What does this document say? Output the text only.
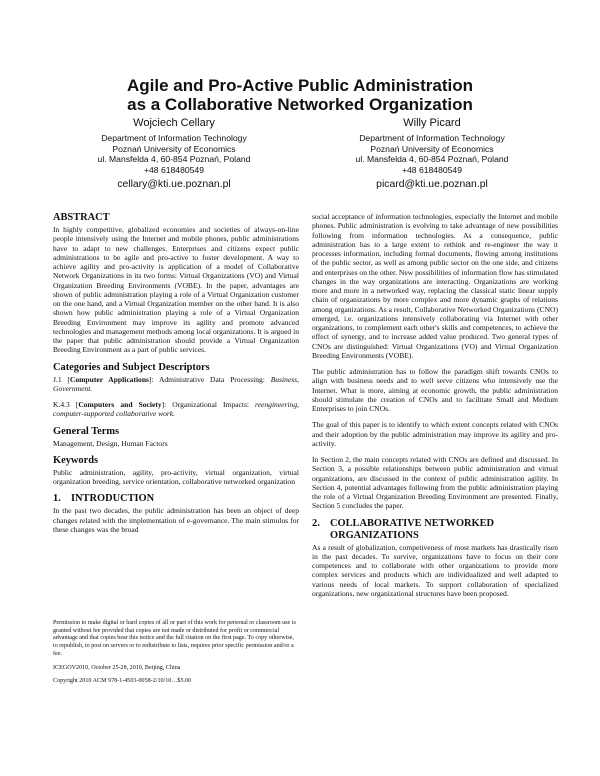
Agile and Pro-Active Public Administration
as a Collaborative Networked Organization
Wojciech Cellary
Department of Information Technology
Poznań University of Economics
ul. Mansfelda 4, 60-854 Poznań, Poland
+48 618480549
cellary@kti.ue.poznan.pl
Willy Picard
Department of Information Technology
Poznań University of Economics
ul. Mansfelda 4, 60-854 Poznań, Poland
+48 618480549
picard@kti.ue.poznan.pl
ABSTRACT

In highly competitive, globalized economies and societies of always-on-line people intensively using the Internet and mobile phones, public administrations have to adapt to new challenges. Enterprises and citizens expect public administrations to be agile and pro-active to foster development. A way to achieve agility and pro-activity is application of a model of Collaborative Network Organizations in its two forms: Virtual Organizations (VO) and Virtual Organization Breeding Environments (VOBE). In the paper, advantages are shown of public administration playing a role of a Virtual Organization customer on the one hand, and a Virtual Organization member on the other hand. It is also shown how public administration playing a role of a Virtual Organization Breeding Environment may improve its agility and promote advanced technologies and management methods among local organizations. It is argued in the paper that public administration should provide a Virtual Organization Breeding Environment as a part of public services.

Categories and Subject Descriptors

J.1 [Computer Applications]: Administrative Data Processing: Business, Government.

K.4.3 [Computers and Society]: Organizational Impacts: reengineering, computer-supported collaborative work.

General Terms

Management, Design, Human Factors

Keywords

Public administration, agility, pro-activity, virtual organization, virtual organization breeding, service orientation, collaborative networked organization

1. INTRODUCTION

In the past two decades, the public administration has been an object of deep changes related with the implementation of e-governance. The main stimulus for these changes was the broad

Permission to make digital or hard copies of all or part of this work for personal or classroom use is granted without fee provided that copies are not made or distributed for profit or commercial advantage and that copies bear this notice and the full citation on the first page. To copy otherwise, to republish, to post on servers or to redistribute to lists, requires prior specific permission and/or a fee.

ICEGOV2010, October 25-28, 2010, Beijing, China

Copyright 2010 ACM 978-1-4503-0058-2/10/10…$5.00

social acceptance of information technologies, especially the Internet and mobile phones. Public administration is evolving to take advantage of new possibilities following from information technologies. As a consequence, public administration has to a large extent to rethink and re-engineer the way it processes information, including formal documents, flowing among institutions of the public sector, as well as among public sector on the one side, and citizens and enterprises on the other. New possibilities of information flow has stimulated changes in the way organizations are interacting. Organizations are working more and more in a networked way, replacing the classical static linear supply chain of organizations by more complex and more dynamic graphs of relations among organizations. As a result, Collaborative Networked Organizations (CNO) emerged, i.e. organizations intensively collaborating via Internet with other organizations, to complement each other's skills and competences, to achieve the effect of synergy, and to increase added value produced. Two general types of CNOs are distinguished: Virtual Organizations (VO) and Virtual Organization Breeding Environments (VOBE).

The public administration has to follow the paradigm shift towards CNOs to align with business needs and to well serve citizens who intensively use the Internet. What is more, aiming at economic growth, the public administration should stimulate the creation of CNOs and to facilitate Small and Medium Enterprises to join CNOs.

The goal of this paper is to identify to which extent concepts related with CNOs and their adoption by the public administration may improve its agility and pro-activity.

In Section 2, the main concepts related with CNOs are defined and discussed. In Section 3, a possible relationships between public administration and virtual organizations, are discussed in the context of public administration agility. In Section 4, potential advantages following from the public administration playing the role of a Virtual Organization Breeding Environment are presented. Finally, Section 5 concludes the paper.

2. COLLABORATIVE NETWORKED
ORGANIZATIONS

As a result of globalization, competiveness of most markets has drastically risen in the past decades. To survive, organizations have to focus on their core competences and to collaborate with other organizations to provide more complex services and products which are individualized and well adapted to various needs of local markets. To support collaboration of specialized organizations, new organizational structures have been proposed.
